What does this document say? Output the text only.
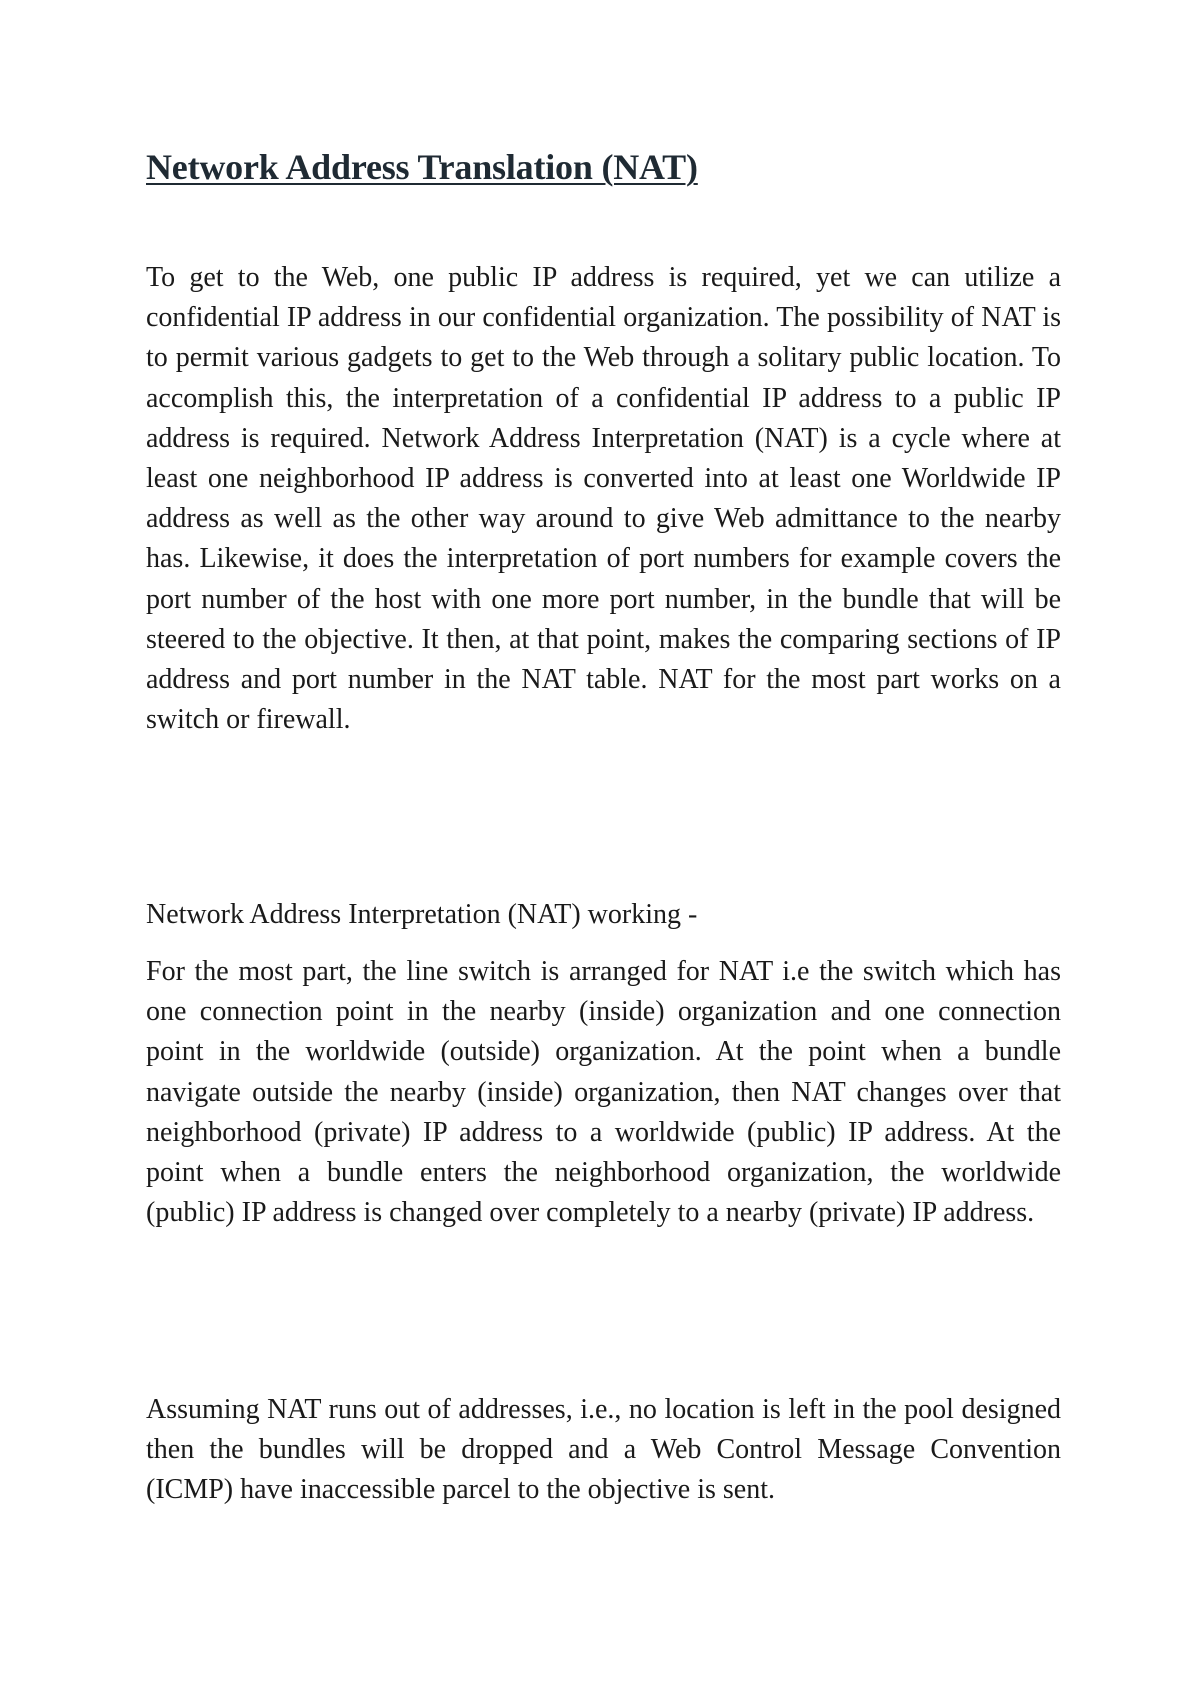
Network Address Translation (NAT)

To get to the Web, one public IP address is required, yet we can utilize a confidential IP address in our confidential organization. The possibility of NAT is to permit various gadgets to get to the Web through a solitary public location. To accomplish this, the interpretation of a confidential IP address to a public IP address is required. Network Address Interpretation (NAT) is a cycle where at least one neighborhood IP address is converted into at least one Worldwide IP address as well as the other way around to give Web admittance to the nearby has. Likewise, it does the interpretation of port numbers for example covers the port number of the host with one more port number, in the bundle that will be steered to the objective. It then, at that point, makes the comparing sections of IP address and port number in the NAT table. NAT for the most part works on a switch or firewall.

Network Address Interpretation (NAT) working -

For the most part, the line switch is arranged for NAT i.e the switch which has one connection point in the nearby (inside) organization and one connection point in the worldwide (outside) organization. At the point when a bundle navigate outside the nearby (inside) organization, then NAT changes over that neighborhood (private) IP address to a worldwide (public) IP address. At the point when a bundle enters the neighborhood organization, the worldwide (public) IP address is changed over completely to a nearby (private) IP address.

Assuming NAT runs out of addresses, i.e., no location is left in the pool designed then the bundles will be dropped and a Web Control Message Convention (ICMP) have inaccessible parcel to the objective is sent.
